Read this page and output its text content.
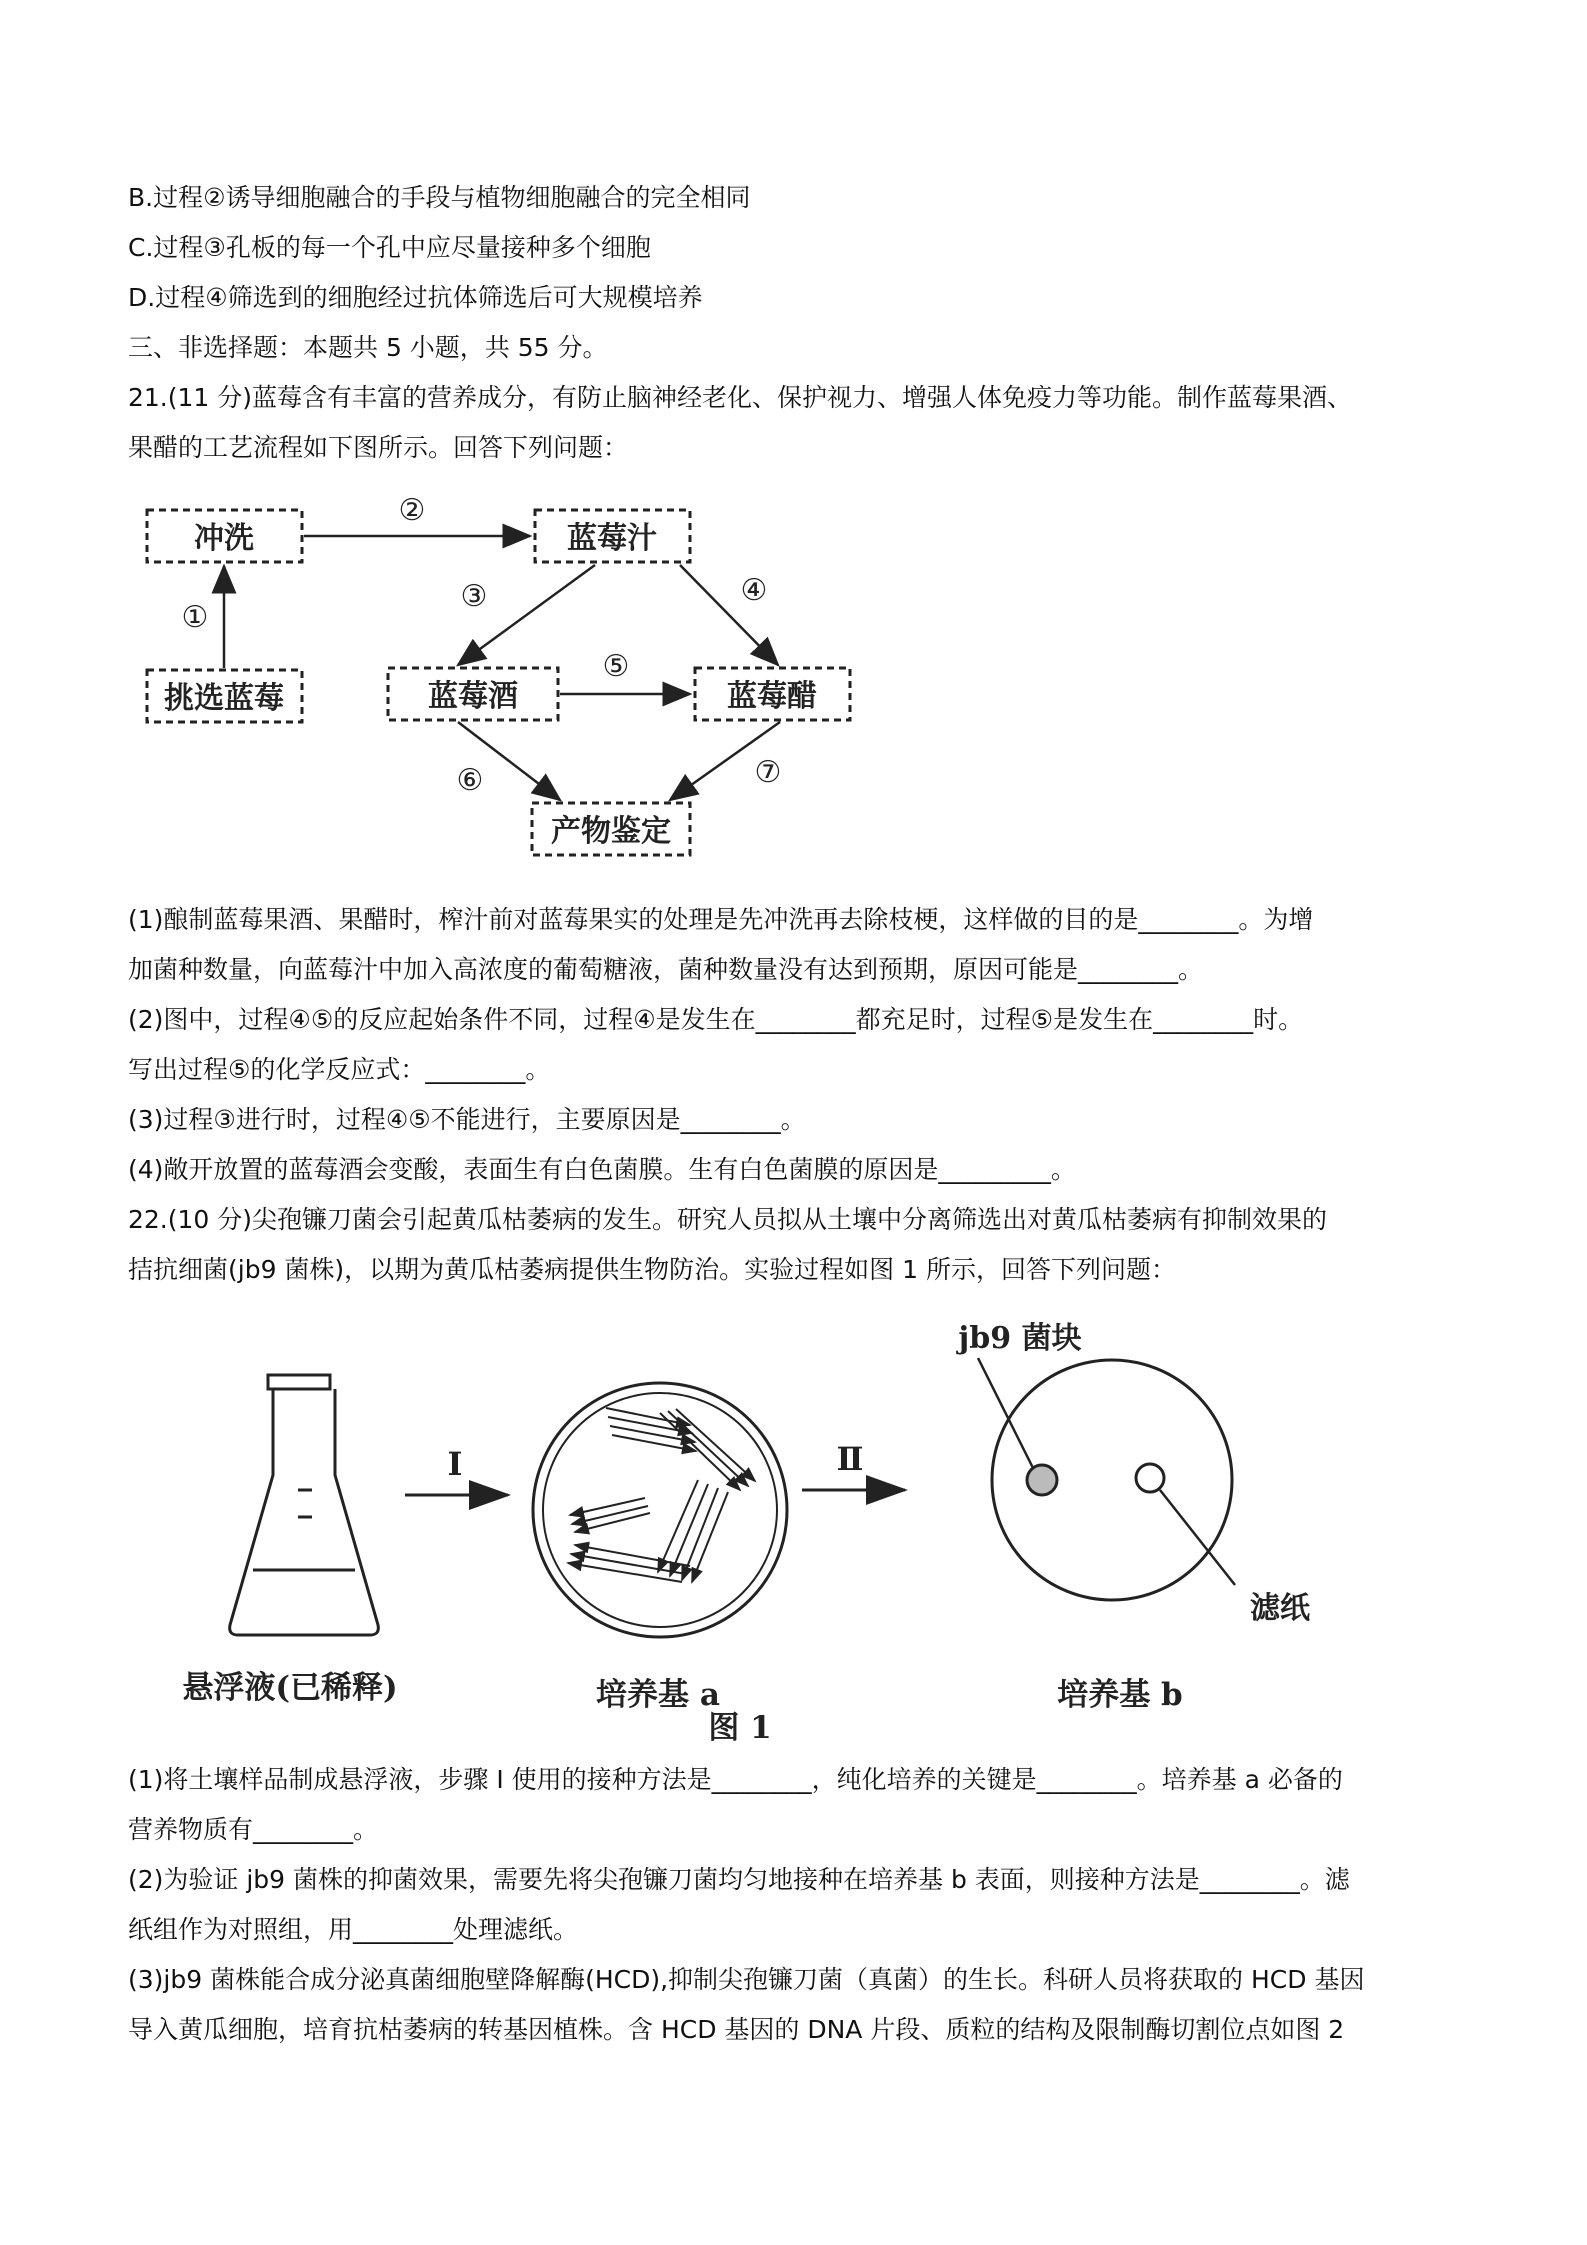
B.过程②诱导细胞融合的手段与植物细胞融合的完全相同
C.过程③孔板的每一个孔中应尽量接种多个细胞
D.过程④筛选到的细胞经过抗体筛选后可大规模培养
三、非选择题：本题共 5 小题，共 55 分。
21.(11 分)蓝莓含有丰富的营养成分，有防止脑神经老化、保护视力、增强人体免疫力等功能。制作蓝莓果酒、
果醋的工艺流程如下图所示。回答下列问题：
冲洗	蓝莓汁
挑选蓝莓	蓝莓酒	蓝莓醋
产物鉴定
①
②
③	④
⑤
⑥	⑦
(1)酿制蓝莓果酒、果醋时，榨汁前对蓝莓果实的处理是先冲洗再去除枝梗，这样做的目的是________。为增
加菌种数量，向蓝莓汁中加入高浓度的葡萄糖液，菌种数量没有达到预期，原因可能是________。
(2)图中，过程④⑤的反应起始条件不同，过程④是发生在________都充足时，过程⑤是发生在________时。
写出过程⑤的化学反应式：________。
(3)过程③进行时，过程④⑤不能进行，主要原因是________。
(4)敞开放置的蓝莓酒会变酸，表面生有白色菌膜。生有白色菌膜的原因是_________。
22.(10 分)尖孢镰刀菌会引起黄瓜枯萎病的发生。研究人员拟从土壤中分离筛选出对黄瓜枯萎病有抑制效果的
拮抗细菌(jb9 菌株)，以期为黄瓜枯萎病提供生物防治。实验过程如图 1 所示，回答下列问题：
悬浮液(已稀释)
I
培养基 a
Ⅱ
jb9 菌块
滤纸
培养基 b
图 1
(1)将土壤样品制成悬浮液，步骤 I 使用的接种方法是________，纯化培养的关键是________。培养基 a 必备的
营养物质有________。
(2)为验证 jb9 菌株的抑菌效果，需要先将尖孢镰刀菌均匀地接种在培养基 b 表面，则接种方法是________。滤
纸组作为对照组，用________处理滤纸。
(3)jb9 菌株能合成分泌真菌细胞壁降解酶(HCD),抑制尖孢镰刀菌（真菌）的生长。科研人员将获取的 HCD 基因
导入黄瓜细胞，培育抗枯萎病的转基因植株。含 HCD 基因的 DNA 片段、质粒的结构及限制酶切割位点如图 2
